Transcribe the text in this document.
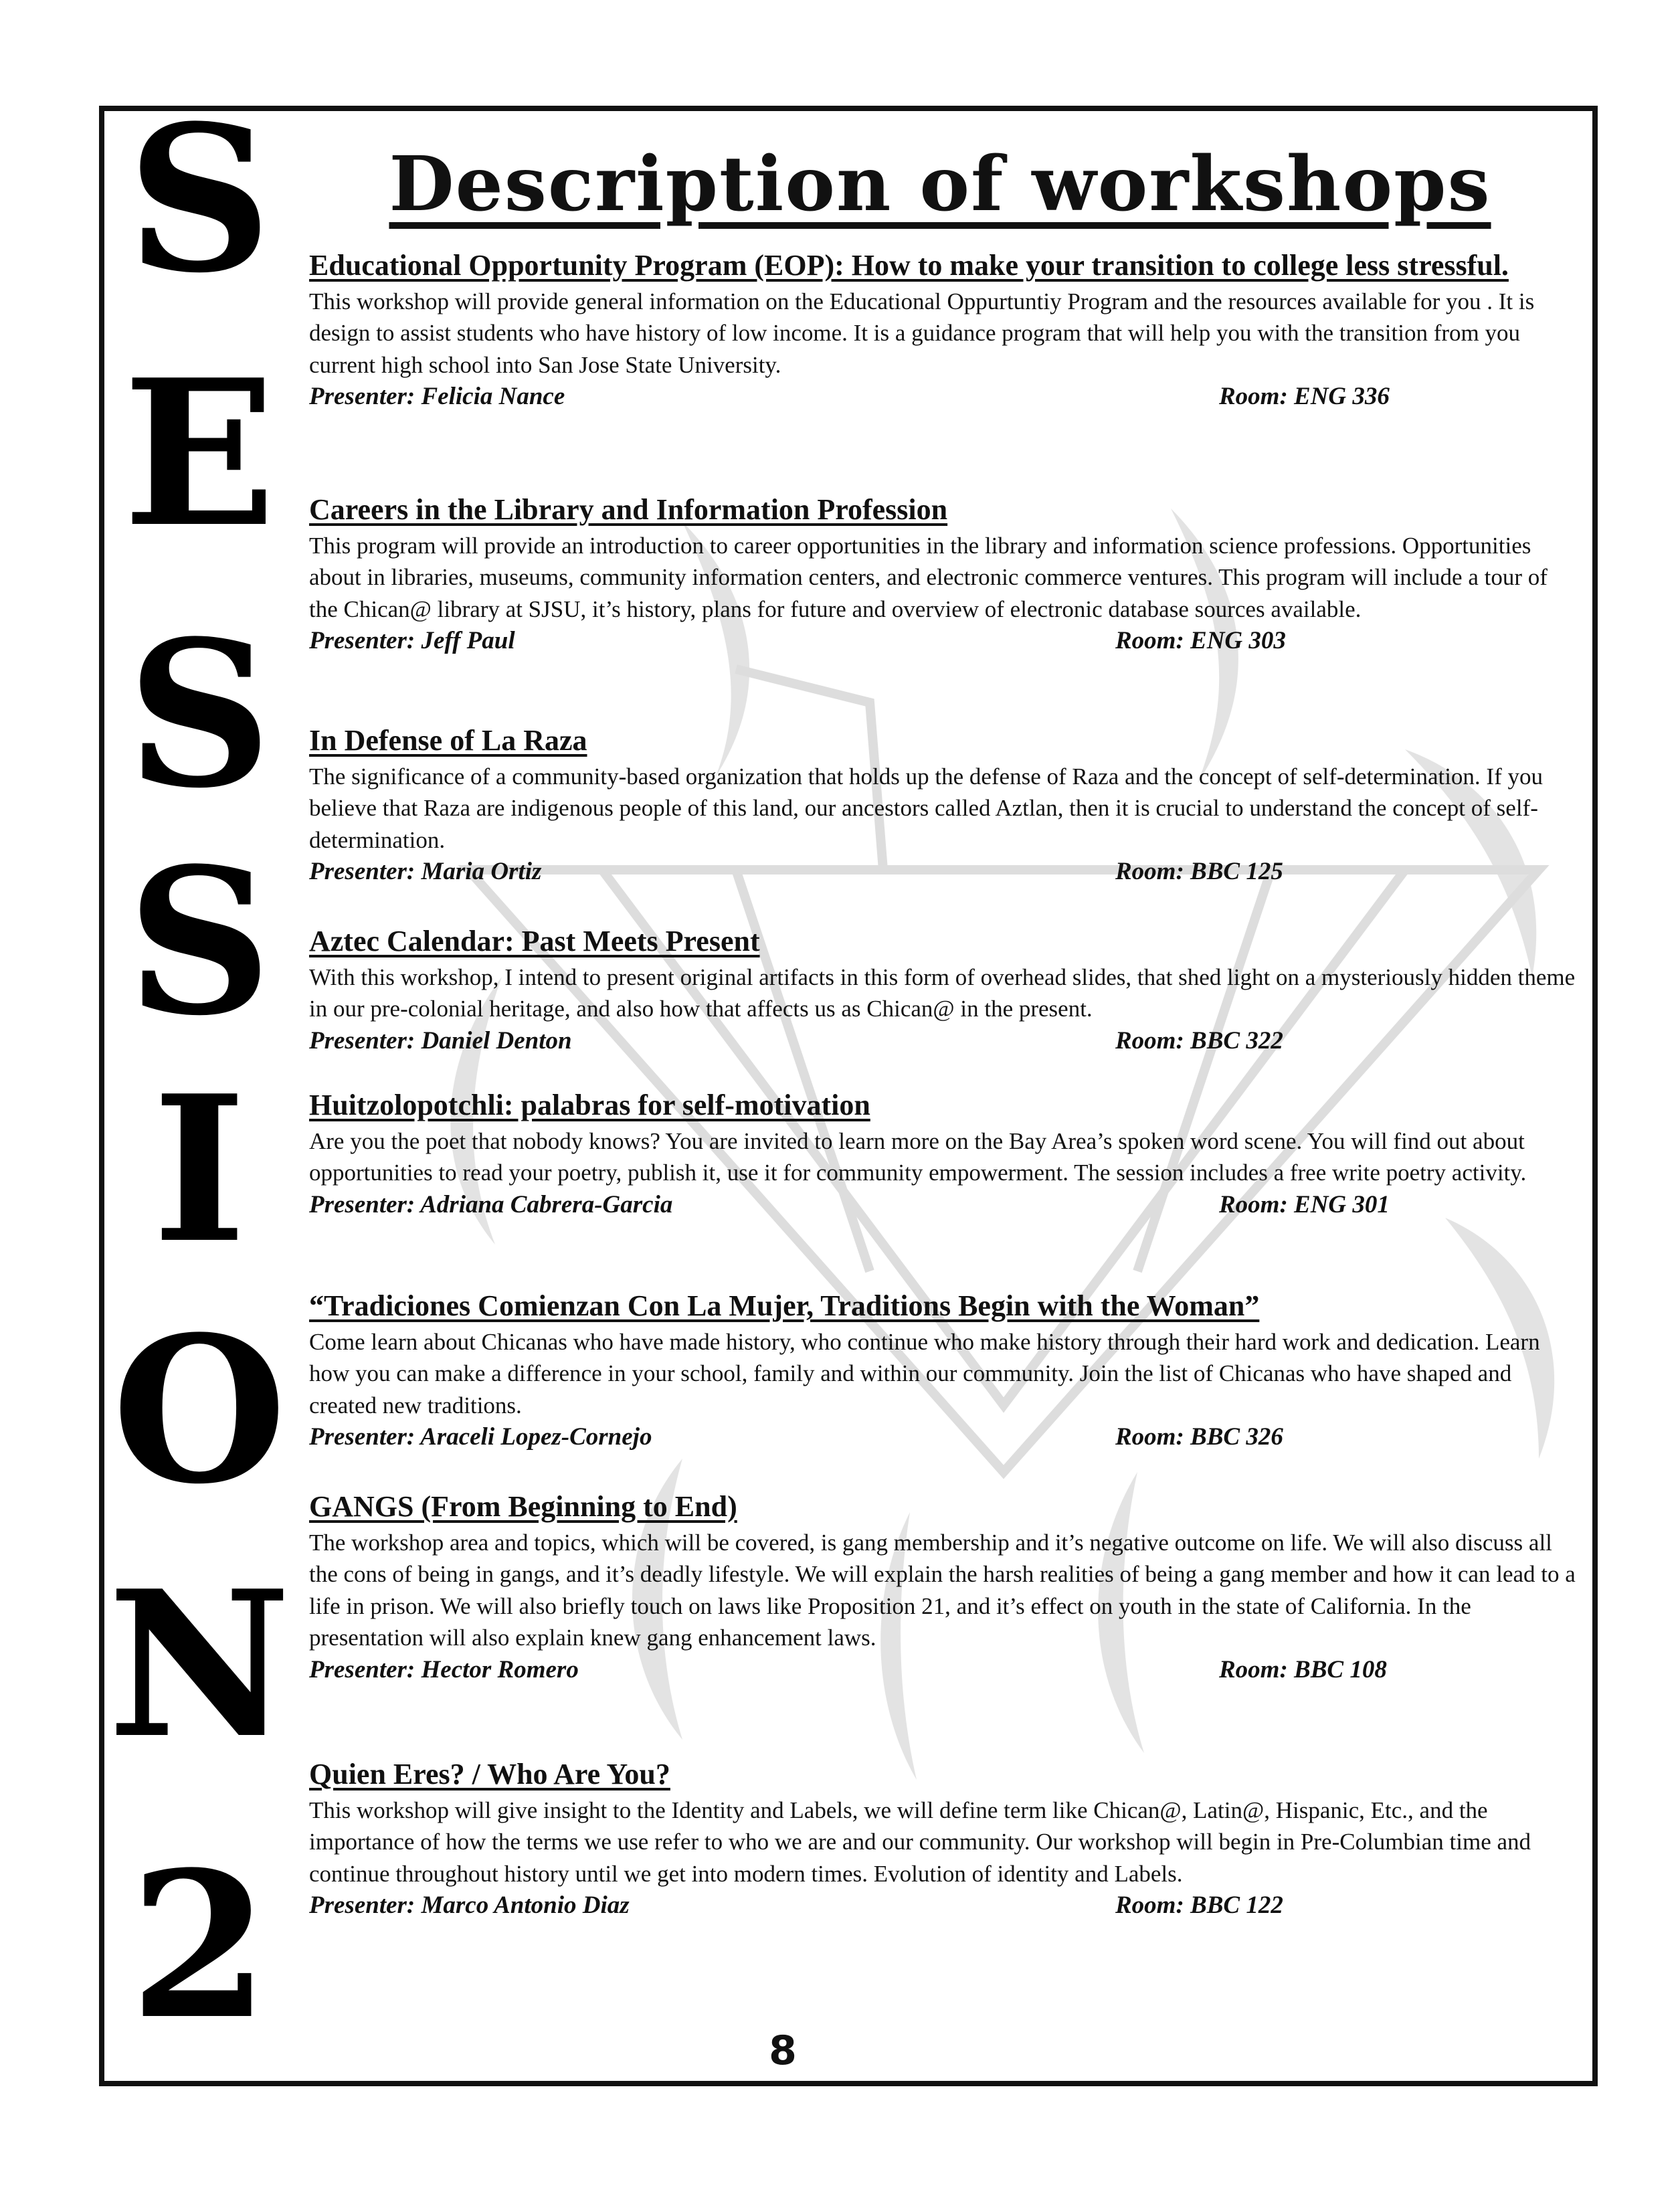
S
E
S
S
I
O
N
2
Description of workshops
Educational Opportunity Program (EOP): How to make your transition to college less stressful.
This workshop will provide general information on the Educational Oppurtuntiy Program and the resources available for you . It is design to assist students who have history of low income. It is a guidance program that will help you with the transition from you current high school into San Jose State University.
Presenter: Felicia Nance	Room: ENG 336
Careers in the Library and Information Profession
This program will provide an introduction to career opportunities in the library and information science professions. Opportunities about in libraries, museums, community information centers, and electronic commerce ventures. This program will include a tour of the Chican@ library at SJSU, it’s history, plans for future and overview of electronic database sources available.
Presenter: Jeff Paul	Room: ENG 303
In Defense of La Raza
The significance of a community-based organization that holds up the defense of Raza and the concept of self-determination. If you believe that Raza are indigenous people of this land, our ancestors called Aztlan, then it is crucial to understand the concept of self-determination.
Presenter: Maria Ortiz	Room: BBC 125
Aztec Calendar: Past Meets Present
With this workshop, I intend to present original artifacts in this form of overhead slides, that shed light on a mysteriously hidden theme in our pre-colonial heritage, and also how that affects us as Chican@ in the present.
Presenter: Daniel Denton	Room: BBC 322
Huitzolopotchli: palabras for self-motivation
Are you the poet that nobody knows? You are invited to learn more on the Bay Area’s spoken word scene. You will find out about opportunities to read your poetry, publish it, use it for community empowerment. The session includes a free write poetry activity.
Presenter: Adriana Cabrera-Garcia	Room: ENG 301
“Tradiciones Comienzan Con La Mujer, Traditions Begin with the Woman”
Come learn about Chicanas who have made history, who continue who make history through their hard work and dedication. Learn how you can make a difference in your school, family and within our community. Join the list of Chicanas who have shaped and created new traditions.
Presenter: Araceli Lopez-Cornejo	Room: BBC 326
GANGS (From Beginning to End)
The workshop area and topics, which will be covered, is gang membership and it’s negative outcome on life. We will also discuss all the cons of being in gangs, and it’s deadly lifestyle. We will explain the harsh realities of being a gang member and how it can lead to a life in prison. We will also briefly touch on laws like Proposition 21, and it’s effect on youth in the state of California. In the presentation will also explain knew gang enhancement laws.
Presenter: Hector Romero	Room: BBC 108
Quien Eres? / Who Are You?
This workshop will give insight to the Identity and Labels, we will define term like Chican@, Latin@, Hispanic, Etc., and the importance of how the terms we use refer to who we are and our community. Our workshop will begin in Pre-Columbian time and continue throughout history until we get into modern times. Evolution of identity and Labels.
Presenter: Marco Antonio Diaz	Room: BBC 122
8
